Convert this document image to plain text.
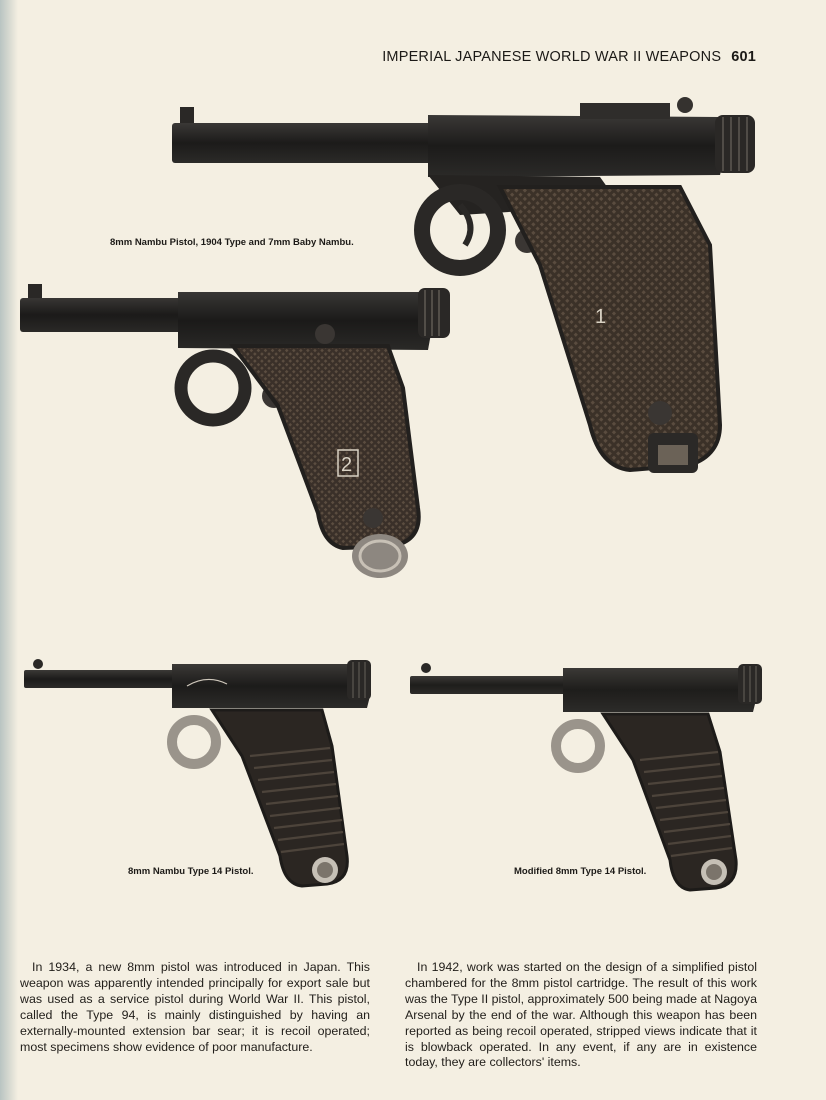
IMPERIAL JAPANESE WORLD WAR II WEAPONS 601
1
8mm Nambu Pistol, 1904 Type and 7mm Baby Nambu.
2
8mm Nambu Type 14 Pistol.	Modified 8mm Type 14 Pistol.
In 1934, a new 8mm pistol was introduced in Japan. This weapon was apparently intended principally for export sale but was used as a service pistol during World War II. This pistol, called the Type 94, is mainly distinguished by having an externally-mounted extension bar sear; it is recoil operated; most specimens show evidence of poor manufacture.
In 1942, work was started on the design of a simplified pistol chambered for the 8mm pistol cartridge. The result of this work was the Type II pistol, approximately 500 being made at Nagoya Arsenal by the end of the war. Although this weapon has been reported as being recoil operated, stripped views indicate that it is blowback operated. In any event, if any are in existence today, they are collectors' items.
